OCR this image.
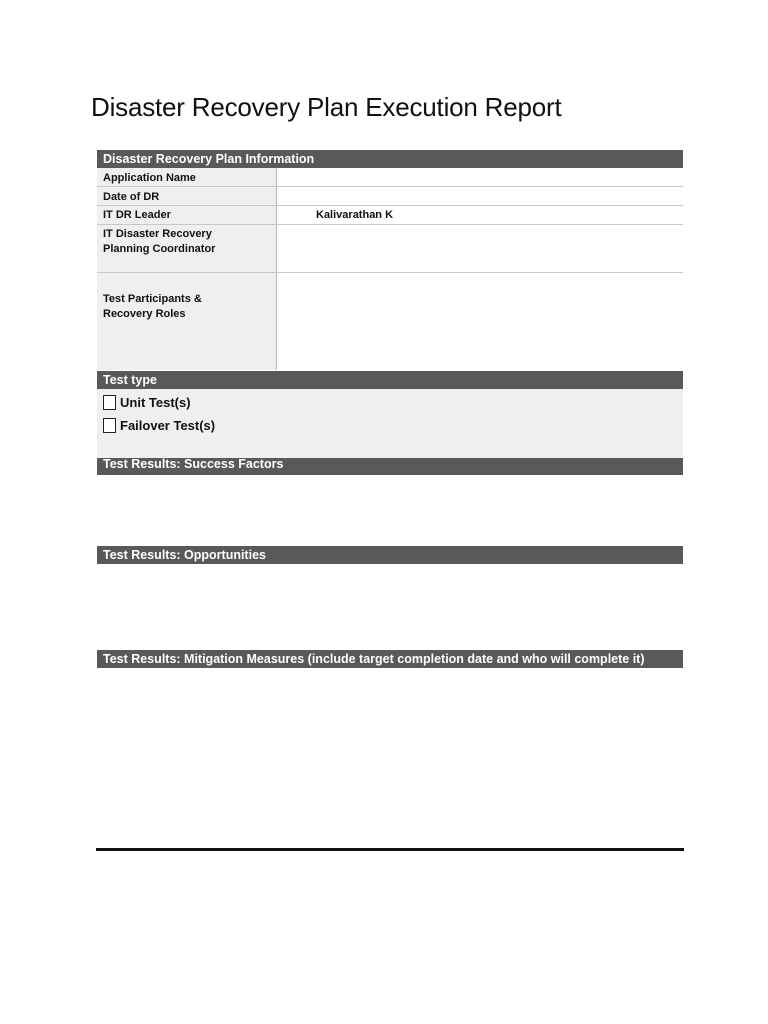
Disaster Recovery Plan Execution Report
Disaster Recovery Plan Information
Application Name
Date of DR
IT DR Leader
IT Disaster Recovery Planning Coordinator
Test Participants & Recovery Roles
Kalivarathan K
Test type
Unit Test(s)
Failover Test(s)
Test Results: Success Factors
Test Results: Opportunities
Test Results: Mitigation Measures (include target completion date and who will complete it)
